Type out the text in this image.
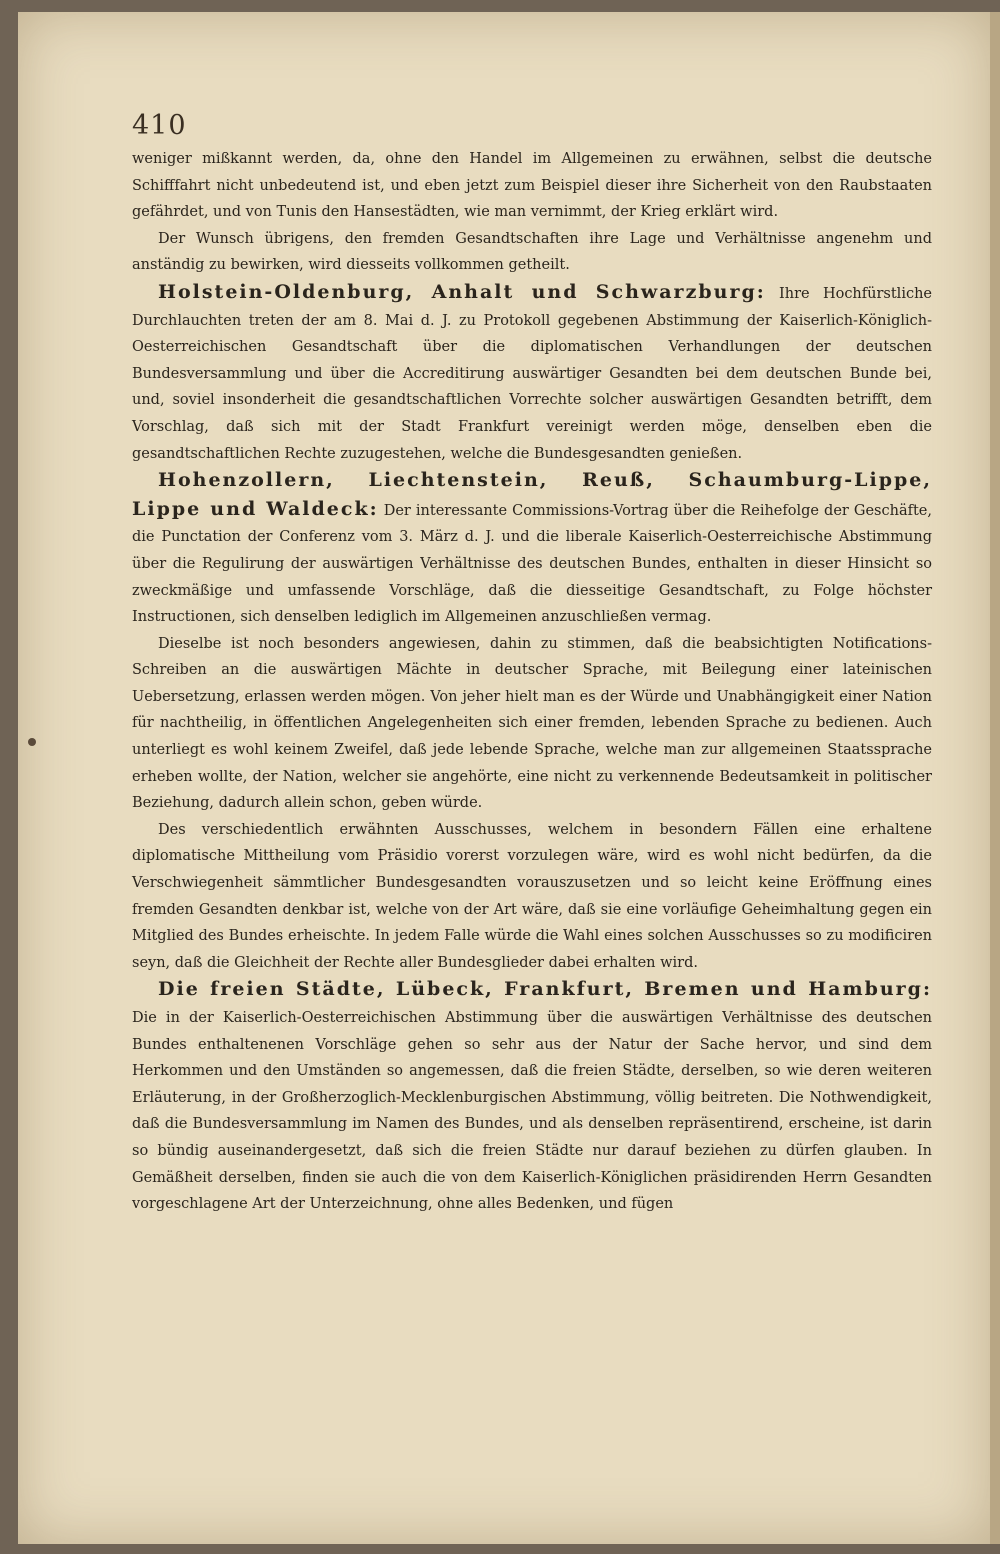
410

weniger mißkannt werden, da, ohne den Handel im Allgemeinen zu erwähnen, selbst die deutsche Schifffahrt nicht unbedeutend ist, und eben jetzt zum Beispiel dieser ihre Sicherheit von den Raubstaaten gefährdet, und von Tunis den Hansestädten, wie man vernimmt, der Krieg erklärt wird.

Der Wunsch übrigens, den fremden Gesandtschaften ihre Lage und Verhältnisse angenehm und anständig zu bewirken, wird diesseits vollkommen getheilt.

Holstein-Oldenburg, Anhalt und Schwarzburg: Ihre Hochfürstliche Durchlauchten treten der am 8. Mai d. J. zu Protokoll gegebenen Abstimmung der Kaiserlich-Königlich-Oesterreichischen Gesandtschaft über die diplomatischen Verhandlungen der deutschen Bundesversammlung und über die Accreditirung auswärtiger Gesandten bei dem deutschen Bunde bei, und, soviel insonderheit die gesandtschaftlichen Vorrechte solcher auswärtigen Gesandten betrifft, dem Vorschlag, daß sich mit der Stadt Frankfurt vereinigt werden möge, denselben eben die gesandtschaftlichen Rechte zuzugestehen, welche die Bundesgesandten genießen.

Hohenzollern, Liechtenstein, Reuß, Schaumburg-Lippe, Lippe und Waldeck: Der interessante Commissions-Vortrag über die Reihefolge der Geschäfte, die Punctation der Conferenz vom 3. März d. J. und die liberale Kaiserlich-Oesterreichische Abstimmung über die Regulirung der auswärtigen Verhältnisse des deutschen Bundes, enthalten in dieser Hinsicht so zweckmäßige und umfassende Vorschläge, daß die diesseitige Gesandtschaft, zu Folge höchster Instructionen, sich denselben lediglich im Allgemeinen anzuschließen vermag.

Dieselbe ist noch besonders angewiesen, dahin zu stimmen, daß die beabsichtigten Notifications-Schreiben an die auswärtigen Mächte in deutscher Sprache, mit Beilegung einer lateinischen Uebersetzung, erlassen werden mögen. Von jeher hielt man es der Würde und Unabhängigkeit einer Nation für nachtheilig, in öffentlichen Angelegenheiten sich einer fremden, lebenden Sprache zu bedienen. Auch unterliegt es wohl keinem Zweifel, daß jede lebende Sprache, welche man zur allgemeinen Staatssprache erheben wollte, der Nation, welcher sie angehörte, eine nicht zu verkennende Bedeutsamkeit in politischer Beziehung, dadurch allein schon, geben würde.

Des verschiedentlich erwähnten Ausschusses, welchem in besondern Fällen eine erhaltene diplomatische Mittheilung vom Präsidio vorerst vorzulegen wäre, wird es wohl nicht bedürfen, da die Verschwiegenheit sämmtlicher Bundesgesandten vorauszusetzen und so leicht keine Eröffnung eines fremden Gesandten denkbar ist, welche von der Art wäre, daß sie eine vorläufige Geheimhaltung gegen ein Mitglied des Bundes erheischte. In jedem Falle würde die Wahl eines solchen Ausschusses so zu modificiren seyn, daß die Gleichheit der Rechte aller Bundesglieder dabei erhalten wird.

Die freien Städte, Lübeck, Frankfurt, Bremen und Hamburg: Die in der Kaiserlich-Oesterreichischen Abstimmung über die auswärtigen Verhältnisse des deutschen Bundes enthaltenenen Vorschläge gehen so sehr aus der Natur der Sache hervor, und sind dem Herkommen und den Umständen so angemessen, daß die freien Städte, derselben, so wie deren weiteren Erläuterung, in der Großherzoglich-Mecklenburgischen Abstimmung, völlig beitreten. Die Nothwendigkeit, daß die Bundesversammlung im Namen des Bundes, und als denselben repräsentirend, erscheine, ist darin so bündig auseinandergesetzt, daß sich die freien Städte nur darauf beziehen zu dürfen glauben. In Gemäßheit derselben, finden sie auch die von dem Kaiserlich-Königlichen präsidirenden Herrn Gesandten vorgeschlagene Art der Unterzeichnung, ohne alles Bedenken, und fügen
